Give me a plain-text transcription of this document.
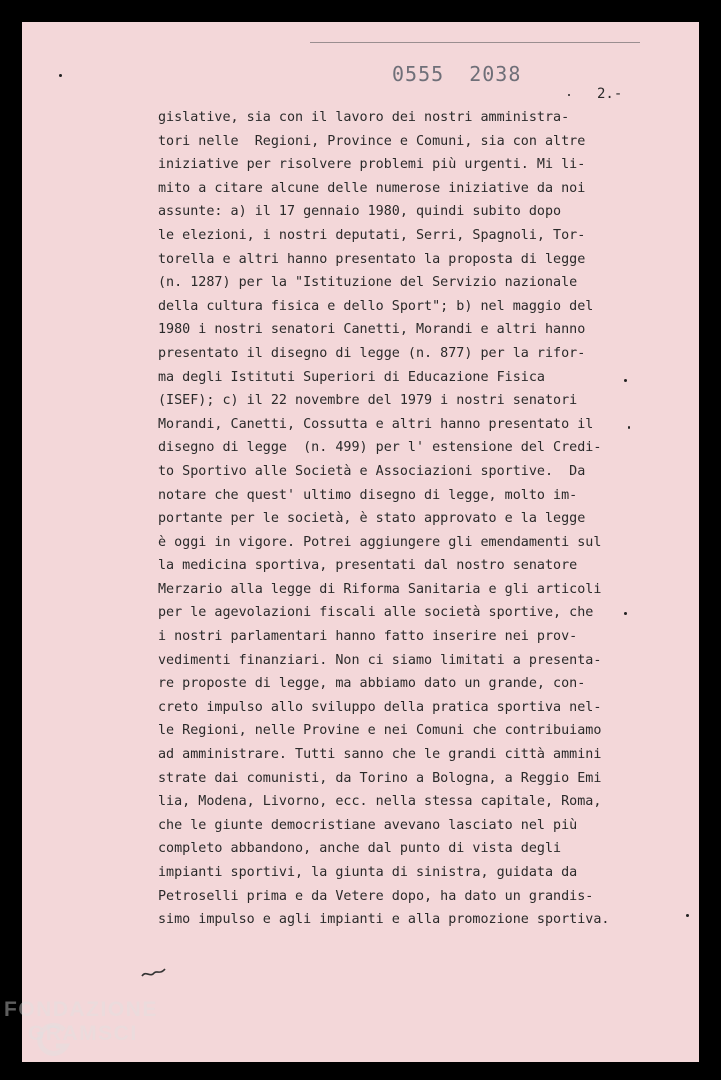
0555 2038
2.-
gislative, sia con il lavoro dei nostri amministra-
tori nelle  Regioni, Province e Comuni, sia con altre
iniziative per risolvere problemi più urgenti. Mi li-
mito a citare alcune delle numerose iniziative da noi
assunte: a) il 17 gennaio 1980, quindi subito dopo
le elezioni, i nostri deputati, Serri, Spagnoli, Tor-
torella e altri hanno presentato la proposta di legge
(n. 1287) per la "Istituzione del Servizio nazionale
della cultura fisica e dello Sport"; b) nel maggio del
1980 i nostri senatori Canetti, Morandi e altri hanno
presentato il disegno di legge (n. 877) per la rifor-
ma degli Istituti Superiori di Educazione Fisica
(ISEF); c) il 22 novembre del 1979 i nostri senatori
Morandi, Canetti, Cossutta e altri hanno presentato il
disegno di legge  (n. 499) per l' estensione del Credi-
to Sportivo alle Società e Associazioni sportive.  Da
notare che quest' ultimo disegno di legge, molto im-
portante per le società, è stato approvato e la legge
è oggi in vigore. Potrei aggiungere gli emendamenti sul
la medicina sportiva, presentati dal nostro senatore
Merzario alla legge di Riforma Sanitaria e gli articoli
per le agevolazioni fiscali alle società sportive, che
i nostri parlamentari hanno fatto inserire nei prov-
vedimenti finanziari. Non ci siamo limitati a presenta-
re proposte di legge, ma abbiamo dato un grande, con-
creto impulso allo sviluppo della pratica sportiva nel-
le Regioni, nelle Provine e nei Comuni che contribuiamo
ad amministrare. Tutti sanno che le grandi città ammini
strate dai comunisti, da Torino a Bologna, a Reggio Emi
lia, Modena, Livorno, ecc. nella stessa capitale, Roma,
che le giunte democristiane avevano lasciato nel più
completo abbandono, anche dal punto di vista degli
impianti sportivi, la giunta di sinistra, guidata da
Petroselli prima e da Vetere dopo, ha dato un grandis-
simo impulso e agli impianti e alla promozione sportiva.
FONDAZIONE
GRAMSCI
